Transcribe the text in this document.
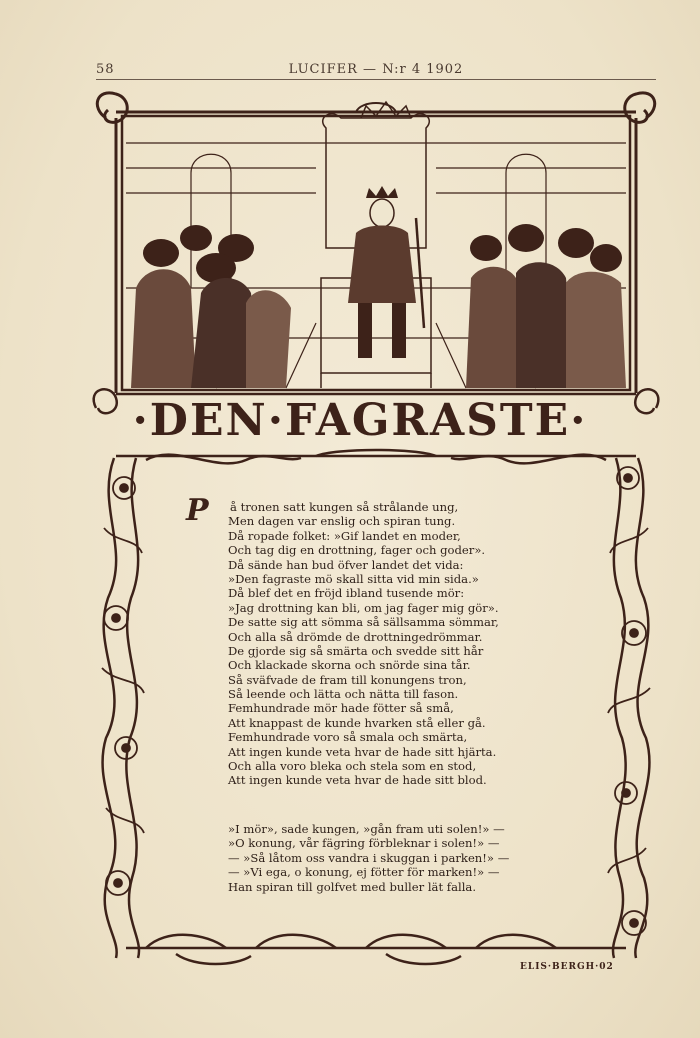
58	LUCIFER — N:r 4 1902
·DEN·FAGRASTE·
P	å tronen satt kungen så strålande ung,
Men dagen var enslig och spiran tung.
Då ropade folket: »Gif landet en moder,
Och tag dig en drottning, fager och goder».
Då sände han bud öfver landet det vida:
»Den fagraste mö skall sitta vid min sida.»
Då blef det en fröjd ibland tusende mör:
»Jag drottning kan bli, om jag fager mig gör».
De satte sig att sömma så sällsamma sömmar,
Och alla så drömde de drottningedrömmar.
De gjorde sig så smärta och svedde sitt hår
Och klackade skorna och snörde sina tår.
Så sväfvade de fram till konungens tron,
Så leende och lätta och nätta till fason.
Femhundrade mör hade fötter så små,
Att knappast de kunde hvarken stå eller gå.
Femhundrade voro så smala och smärta,
Att ingen kunde veta hvar de hade sitt hjärta.
Och alla voro bleka och stela som en stod,
Att ingen kunde veta hvar de hade sitt blod.
»I mör», sade kungen, »gån fram uti solen!» —
»O konung, vår fägring förbleknar i solen!» —
— »Så låtom oss vandra i skuggan i parken!» —
— »Vi ega, o konung, ej fötter för marken!» —
Han spiran till golfvet med buller lät falla.
ELIS·BERGH·02
